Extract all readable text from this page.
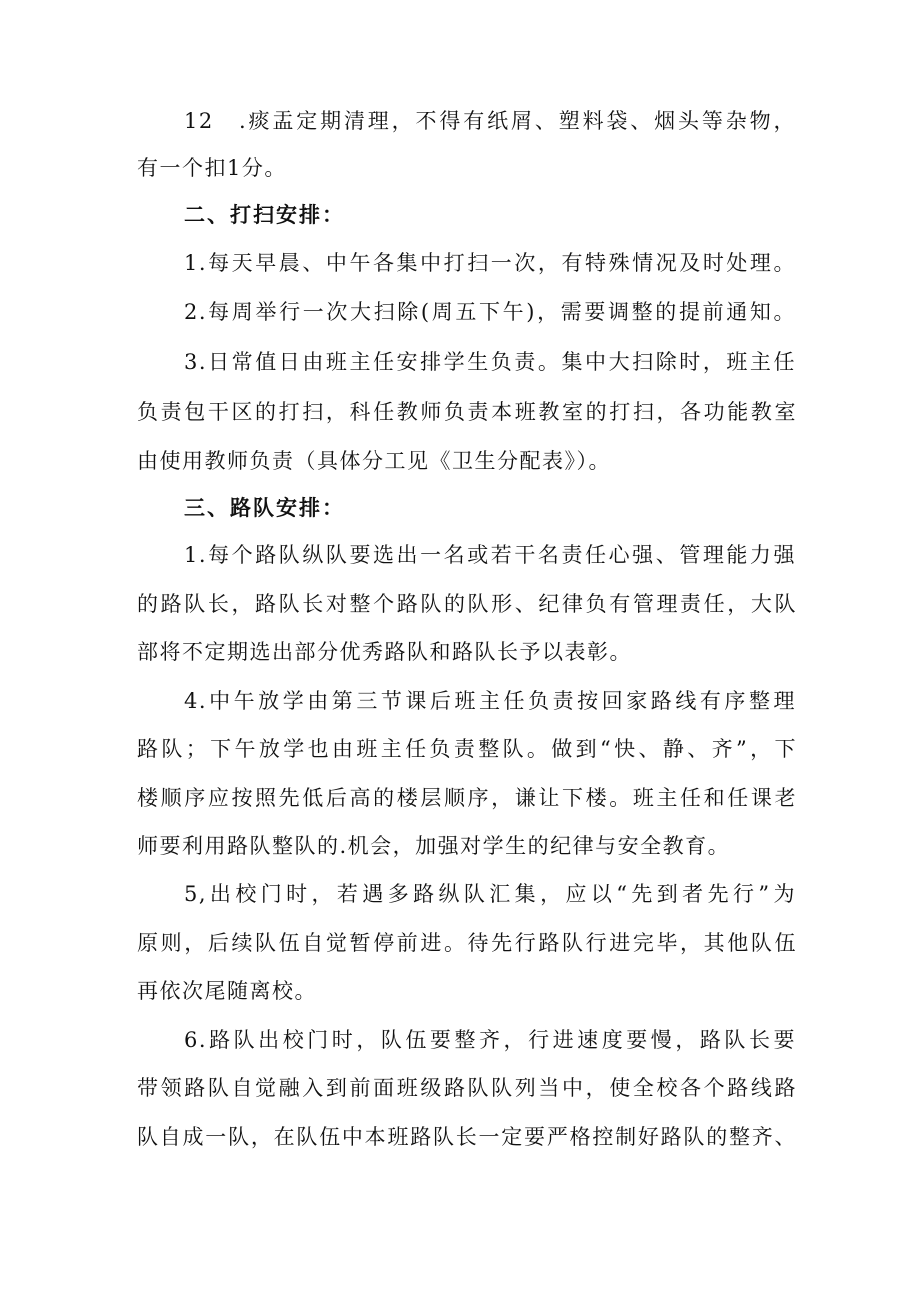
12　.痰盂定期清理，不得有纸屑、塑料袋、烟头等杂物，
有一个扣1分。
二、打扫安排：
1.每天早晨、中午各集中打扫一次，有特殊情况及时处理。
2.每周举行一次大扫除(周五下午)，需要调整的提前通知。
3.日常值日由班主任安排学生负责。集中大扫除时，班主任
负责包干区的打扫，科任教师负责本班教室的打扫，各功能教室
由使用教师负责（具体分工见《卫生分配表》）。
三、路队安排：
1.每个路队纵队要选出一名或若干名责任心强、管理能力强
的路队长，路队长对整个路队的队形、纪律负有管理责任，大队
部将不定期选出部分优秀路队和路队长予以表彰。
4.中午放学由第三节课后班主任负责按回家路线有序整理
路队；下午放学也由班主任负责整队。做到“快、静、齐”，下
楼顺序应按照先低后高的楼层顺序，谦让下楼。班主任和任课老
师要利用路队整队的.机会，加强对学生的纪律与安全教育。
5,出校门时，若遇多路纵队汇集，应以“先到者先行”为
原则，后续队伍自觉暂停前进。待先行路队行进完毕，其他队伍
再依次尾随离校。
6.路队出校门时，队伍要整齐，行进速度要慢，路队长要
带领路队自觉融入到前面班级路队队列当中，使全校各个路线路
队自成一队，在队伍中本班路队长一定要严格控制好路队的整齐、
